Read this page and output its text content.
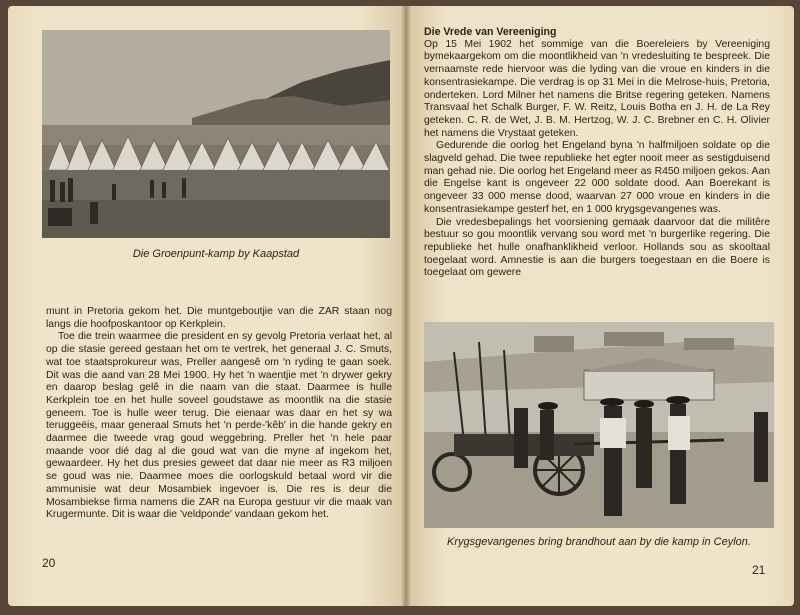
Die Groenpunt-kamp by Kaapstad

munt in Pretoria gekom het. Die muntgeboutjie van die ZAR staan nog langs die hoofposkantoor op Kerkplein.

Toe die trein waarmee die president en sy gevolg Pretoria verlaat het, al op die stasie gereed gestaan het om te vertrek, het generaal J. C. Smuts, wat toe staatsprokureur was, Preller aangesê om 'n ryding te gaan soek. Dit was die aand van 28 Mei 1900. Hy het 'n waentjie met 'n drywer gekry en daarop beslag gelê in die naam van die staat. Daarmee is hulle Kerkplein toe en het hulle soveel goudstawe as moontlik na die stasie geneem. Toe is hulle weer terug. Die eienaar was daar en het sy wa teruggeëis, maar generaal Smuts het 'n perde-'kêb' in die hande gekry en daarmee die tweede vrag goud weggebring. Preller het 'n hele paar maande voor dié dag al die goud wat van die myne af ingekom het, gewaardeer. Hy het dus presies geweet dat daar nie meer as R3 miljoen se goud was nie. Daarmee moes die oorlogskuld betaal word vir die ammunisie wat deur Mosambiek ingevoer is. Die res is deur die Mosambiekse firma namens die ZAR na Europa gestuur vir die maak van Krugermunte. Dit is waar die 'veldponde' vandaan gekom het.

20

Die Vrede van Vereeniging

Op 15 Mei 1902 het sommige van die Boereleiers by Vereeniging bymekaargekom om die moontlikheid van 'n vredesluiting te bespreek. Die vernaamste rede hiervoor was die lyding van die vroue en kinders in die konsentrasiekampe. Die verdrag is op 31 Mei in die Melrose-huis, Pretoria, onderteken. Lord Milner het namens die Britse regering geteken. Namens Transvaal het Schalk Burger, F. W. Reitz, Louis Botha en J. H. de La Rey geteken. C. R. de Wet, J. B. M. Hertzog, W. J. C. Brebner en C. H. Olivier het namens die Vrystaat geteken.

Gedurende die oorlog het Engeland byna 'n halfmiljoen soldate op die slagveld gehad. Die twee republieke het egter nooit meer as sestigduisend man gehad nie. Die oorlog het Engeland meer as R450 miljoen gekos. Aan die Engelse kant is ongeveer 22 000 soldate dood. Aan Boerekant is ongeveer 33 000 mense dood, waarvan 27 000 vroue en kinders in die konsentrasiekampe gesterf het, en 1 000 krygsgevangenes was.

Die vredesbepalings het voorsiening gemaak daarvoor dat die militêre bestuur so gou moontlik vervang sou word met 'n burgerlike regering. Die republieke het hulle onafhanklikheid verloor. Hollands sou as skooltaal toegelaat word. Amnestie is aan die burgers toegestaan en die Boere is toegelaat om gewere

Krygsgevangenes bring brandhout aan by die kamp in Ceylon.
21
